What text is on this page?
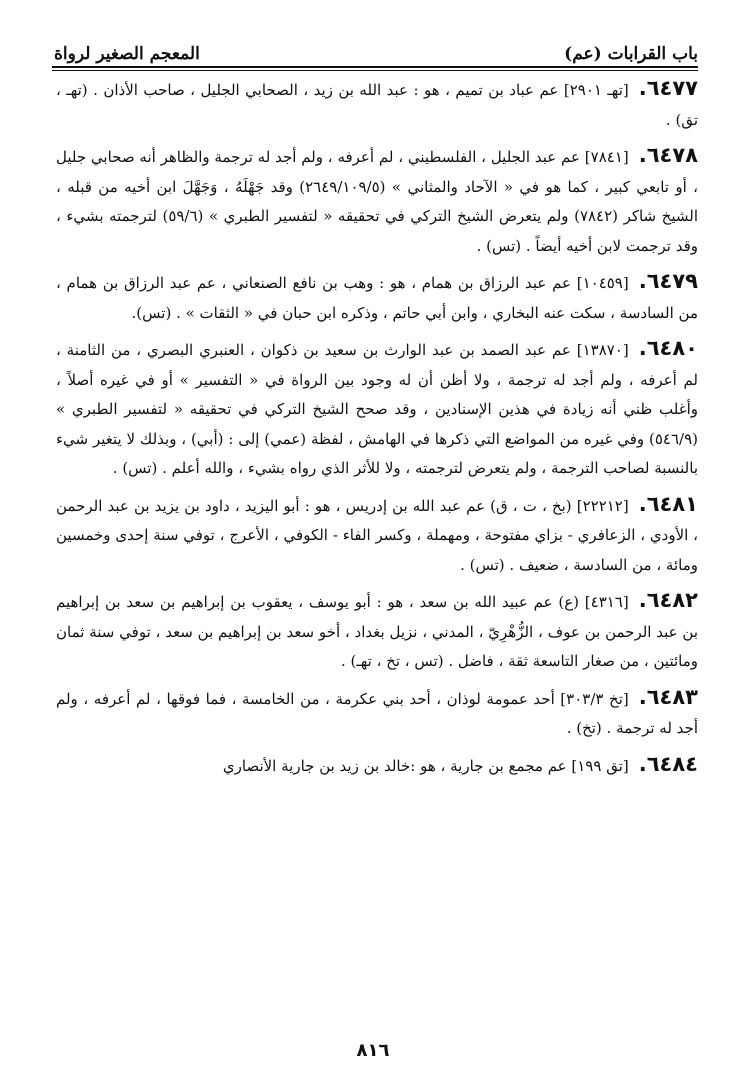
باب القرابات (عم)
المعجم الصغير لرواة

٦٤٧٧.[تهـ ٢٩٠١] عم عباد بن تميم ، هو : عبد الله بن زيد ، الصحابي الجليل ، صاحب الأذان . (تهـ ، تق) .

٦٤٧٨.[٧٨٤١] عم عبد الجليل ، الفلسطيني ، لم أعرفه ، ولم أجد له ترجمة والظاهر أنه صحابي جليل ، أو تابعي كبير ، كما هو في « الآحاد والمثاني » (٢٦٤٩/١٠٩/٥) وقد جَهْلَهُ ، وَجَهَّلَ ابن أخيه من قبله ، الشيخ شاكر (٧٨٤٢) ولم يتعرض الشيخ التركي في تحقيقه « لتفسير الطبري » (٥٩/٦) لترجمته بشيء ، وقد ترجمت لابن أخيه أيضاً . (تس) .

٦٤٧٩.[١٠٤٥٩] عم عبد الرزاق بن همام ، هو : وهب بن نافع الصنعاني ، عم عبد الرزاق بن همام ، من السادسة ، سكت عنه البخاري ، وابن أبي حاتم ، وذكره ابن حبان في « الثقات » . (تس).

٦٤٨٠.[١٣٨٧٠] عم عبد الصمد بن عبد الوارث بن سعيد بن ذكوان ، العنبري البصري ، من الثامنة ، لم أعرفه ، ولم أجد له ترجمة ، ولا أظن أن له وجود بين الرواة في « التفسير » أو في غيره أصلاً ، وأغلب ظني أنه زيادة في هذين الإسنادين ، وقد صحح الشيخ التركي في تحقيقه « لتفسير الطبري » (٥٤٦/٩) وفي غيره من المواضع التي ذكرها في الهامش ، لفظة (عمي) إلى : (أبي) ، وبذلك لا يتغير شيء بالنسبة لصاحب الترجمة ، ولم يتعرض لترجمته ، ولا للأثر الذي رواه بشيء ، والله أعلم . (تس) .

٦٤٨١.[٢٢٢١٢] (بخ ، ت ، ق) عم عبد الله بن إدريس ، هو : أبو اليزيد ، داود بن يزيد بن عبد الرحمن ، الأودي ، الزعافري - بزاي مفتوحة ، ومهملة ، وكسر الفاء - الكوفي ، الأعرج ، توفي سنة إحدى وخمسين ومائة ، من السادسة ، ضعيف . (تس) .

٦٤٨٢.[٤٣١٦] (ع) عم عبيد الله بن سعد ، هو : أبو يوسف ، يعقوب بن إبراهيم بن سعد بن إبراهيم بن عبد الرحمن بن عوف ، الزُّهْرِيّ ، المدني ، نزيل بغداد ، أخو سعد بن إبراهيم بن سعد ، توفي سنة ثمان ومائتين ، من صغار التاسعة ثقة ، فاضل . (تس ، تخ ، تهـ) .

٦٤٨٣.[تخ ٣٠٣/٣] أحد عمومة لوذان ، أحد بني عكرمة ، من الخامسة ، فما فوقها ، لم أعرفه ، ولم أجد له ترجمة . (تخ) .

٦٤٨٤.[تق ١٩٩] عم مجمع بن جارية ، هو :خالد بن زيد بن جارية الأنصاري

٨١٦
